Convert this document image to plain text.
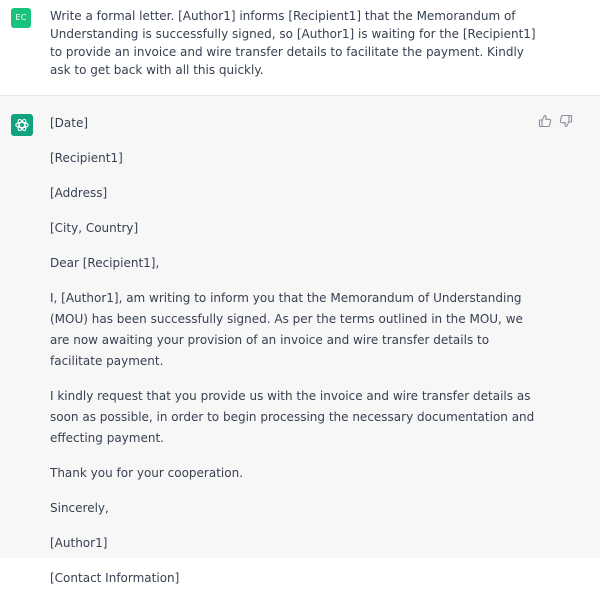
EC	Write a formal letter. [Author1] informs [Recipient1] that the Memorandum of Understanding is successfully signed, so [Author1] is waiting for the [Recipient1] to provide an invoice and wire transfer details to facilitate the payment. Kindly ask to get back with all this quickly.

[Date]

[Recipient1]

[Address]

[City, Country]

Dear [Recipient1],

I, [Author1], am writing to inform you that the Memorandum of Understanding (MOU) has been successfully signed. As per the terms outlined in the MOU, we are now awaiting your provision of an invoice and wire transfer details to facilitate payment.

I kindly request that you provide us with the invoice and wire transfer details as soon as possible, in order to begin processing the necessary documentation and effecting payment.

Thank you for your cooperation.

Sincerely,

[Author1]

[Contact Information]
